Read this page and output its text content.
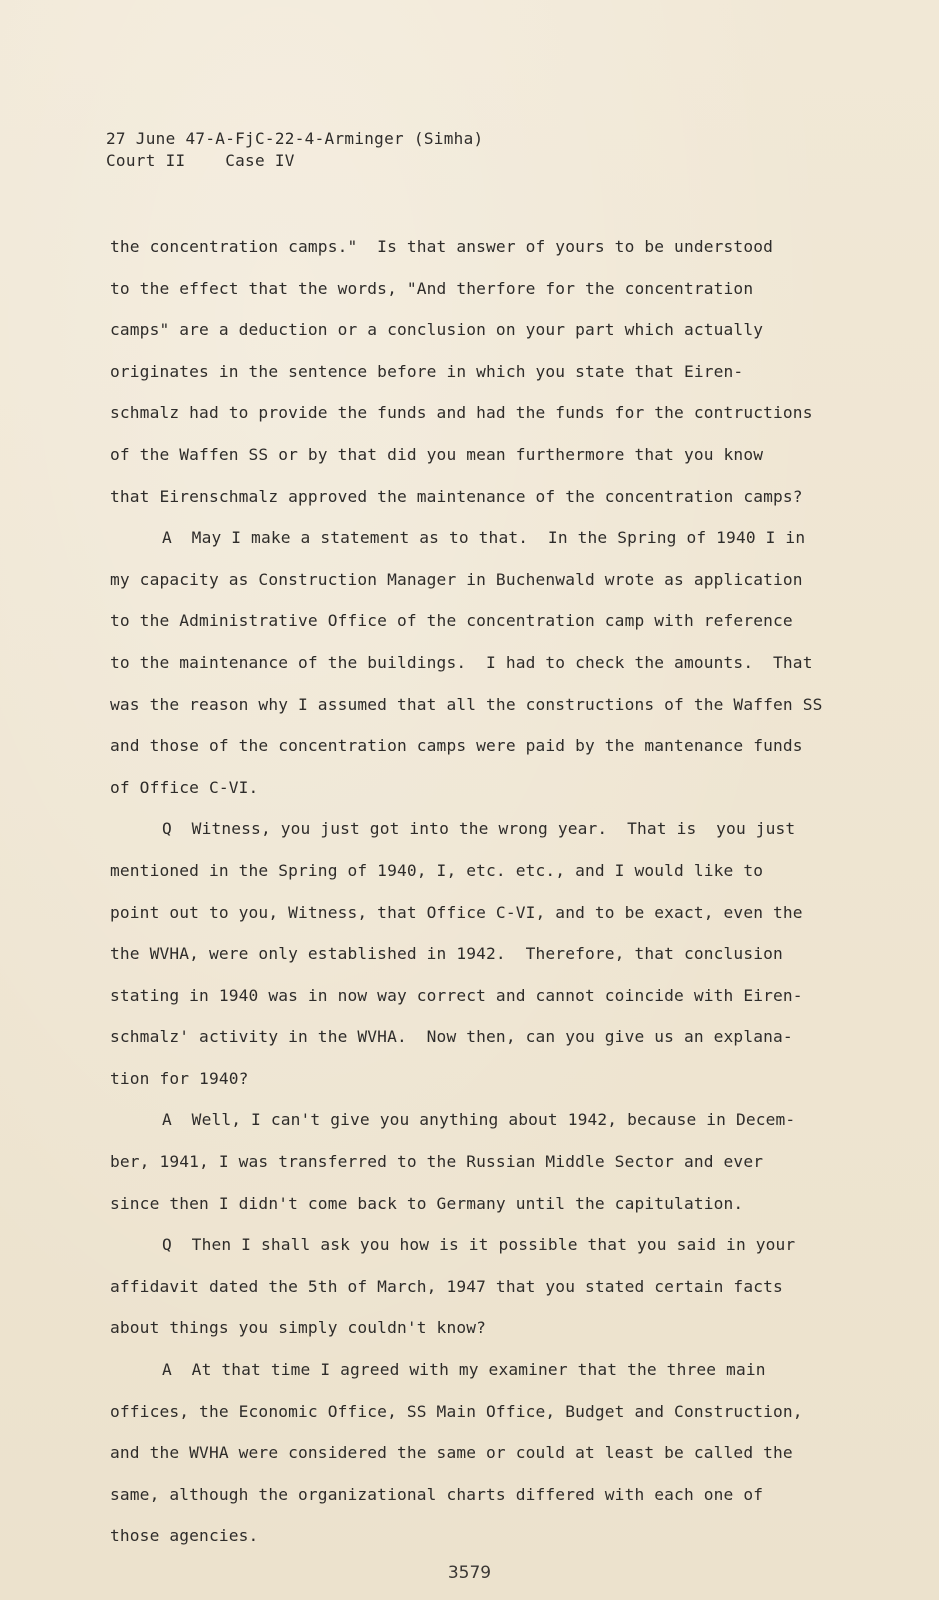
27 June 47-A-FjC-22-4-Arminger (Simha)
Court II    Case IV
the concentration camps."  Is that answer of yours to be understood
to the effect that the words, "And therfore for the concentration
camps" are a deduction or a conclusion on your part which actually
originates in the sentence before in which you state that Eiren-
schmalz had to provide the funds and had the funds for the contructions
of the Waffen SS or by that did you mean furthermore that you know
that Eirenschmalz approved the maintenance of the concentration camps?
A  May I make a statement as to that.  In the Spring of 1940 I in
my capacity as Construction Manager in Buchenwald wrote as application
to the Administrative Office of the concentration camp with reference
to the maintenance of the buildings.  I had to check the amounts.  That
was the reason why I assumed that all the constructions of the Waffen SS
and those of the concentration camps were paid by the mantenance funds
of Office C-VI.
Q  Witness, you just got into the wrong year.  That is  you just
mentioned in the Spring of 1940, I, etc. etc., and I would like to
point out to you, Witness, that Office C-VI, and to be exact, even the
the WVHA, were only established in 1942.  Therefore, that conclusion
stating in 1940 was in now way correct and cannot coincide with Eiren-
schmalz' activity in the WVHA.  Now then, can you give us an explana-
tion for 1940?
A  Well, I can't give you anything about 1942, because in Decem-
ber, 1941, I was transferred to the Russian Middle Sector and ever
since then I didn't come back to Germany until the capitulation.
Q  Then I shall ask you how is it possible that you said in your
affidavit dated the 5th of March, 1947 that you stated certain facts
about things you simply couldn't know?
A  At that time I agreed with my examiner that the three main
offices, the Economic Office, SS Main Office, Budget and Construction,
and the WVHA were considered the same or could at least be called the
same, although the organizational charts differed with each one of
those agencies.
3579
